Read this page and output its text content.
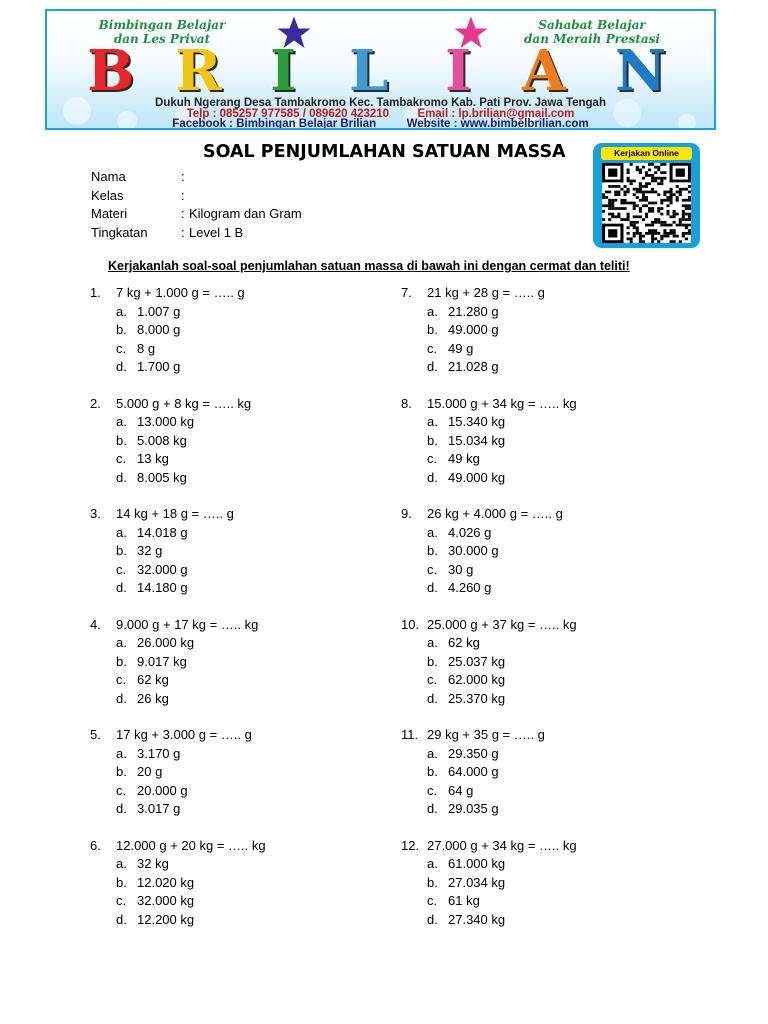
Bimbingan Belajar
dan Les Privat
Sahabat Belajar
dan Meraih Prestasi
B R I L I A N
Dukuh Ngerang Desa Tambakromo Kec. Tambakromo Kab. Pati Prov. Jawa Tengah
Telp : 085257 977585 / 089620 423210 Email : lp.brilian@gmail.com
Facebook : Bimbingan Belajar Brilian	Website : www.bimbelbrilian.com
SOAL PENJUMLAHAN SATUAN MASSA	Kerjakan Online
Nama	:
Kelas	:
Materi	: Kilogram dan Gram
Tingkatan	: Level 1 B
Kerjakanlah soal-soal penjumlahan satuan massa di bawah ini dengan cermat dan teliti!
1. 7 kg + 1.000 g = ….. g
a. 1.007 g
b. 8.000 g
c. 8 g
d. 1.700 g
2. 5.000 g + 8 kg = ….. kg
a. 13.000 kg
b. 5.008 kg
c. 13 kg
d. 8.005 kg
3. 14 kg + 18 g = ….. g
a. 14.018 g
b. 32 g
c. 32.000 g
d. 14.180 g
4. 9.000 g + 17 kg = ….. kg
a. 26.000 kg
b. 9.017 kg
c. 62 kg
d. 26 kg
5. 17 kg + 3.000 g = ….. g
a. 3.170 g
b. 20 g
c. 20.000 g
d. 3.017 g
6. 12.000 g + 20 kg = ….. kg
a. 32 kg
b. 12.020 kg
c. 32.000 kg
d. 12.200 kg
7. 21 kg + 28 g = ….. g
a. 21.280 g
b. 49.000 g
c. 49 g
d. 21.028 g
8. 15.000 g + 34 kg = ….. kg
a. 15.340 kg
b. 15.034 kg
c. 49 kg
d. 49.000 kg
9. 26 kg + 4.000 g = ….. g
a. 4.026 g
b. 30.000 g
c. 30 g
d. 4.260 g
10. 25.000 g + 37 kg = ….. kg
a. 62 kg
b. 25.037 kg
c. 62.000 kg
d. 25.370 kg
11. 29 kg + 35 g = ….. g
a. 29.350 g
b. 64.000 g
c. 64 g
d. 29.035 g
12. 27.000 g + 34 kg = ….. kg
a. 61.000 kg
b. 27.034 kg
c. 61 kg
d. 27.340 kg
